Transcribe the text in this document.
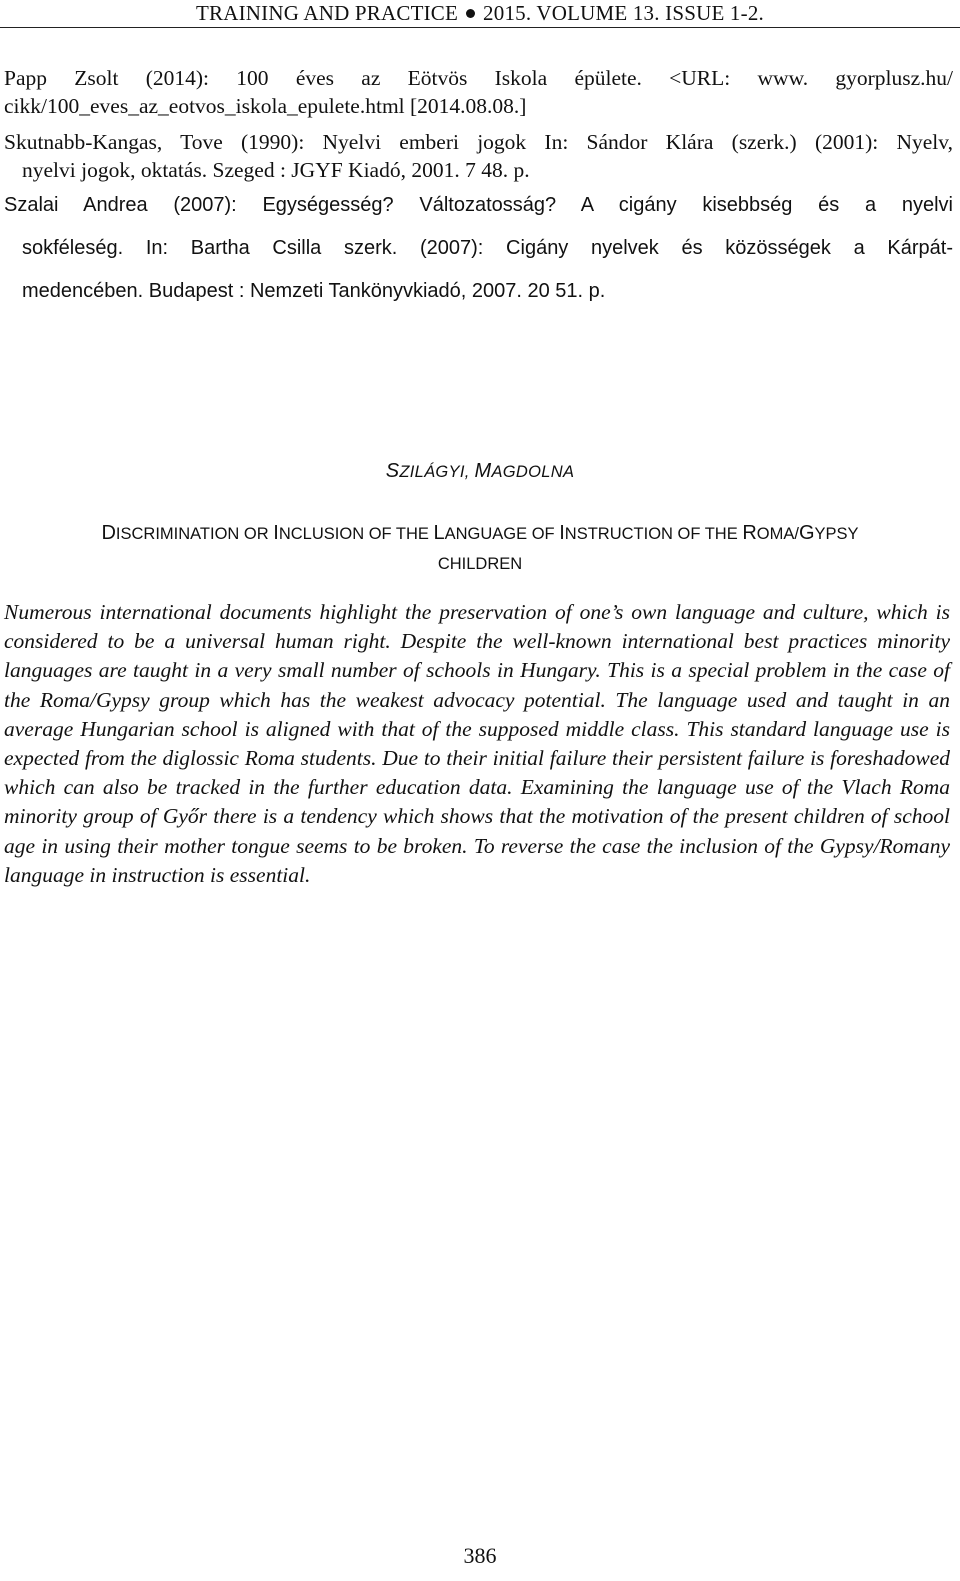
TRAINING AND PRACTICE 2015. VOLUME 13. ISSUE 1-2.

Papp Zsolt (2014): 100 éves az Eötvös Iskola épülete. <URL: www. gyorplusz.hu/
cikk/100_eves_az_eotvos_iskola_epulete.html [2014.08.08.]

Skutnabb-Kangas, Tove (1990): Nyelvi emberi jogok In: Sándor Klára (szerk.) (2001): Nyelv,
nyelvi jogok, oktatás. Szeged : JGYF Kiadó, 2001. 7 48. p.

Szalai Andrea (2007): Egységesség? Változatosság? A cigány kisebbség és a nyelvi
sokféleség. In: Bartha Csilla szerk. (2007): Cigány nyelvek és közösségek a Kárpát-
medencében. Budapest : Nemzeti Tankönyvkiadó, 2007. 20 51. p.

SZILÁGYI, MAGDOLNA
DISCRIMINATION OR INCLUSION OF THE LANGUAGE OF INSTRUCTION OF THE ROMA/GYPSY
CHILDREN

Numerous international documents highlight the preservation of one’s own language and culture, which is considered to be a universal human right. Despite the well-known international best practices minority languages are taught in a very small number of schools in Hungary. This is a special problem in the case of the Roma/Gypsy group which has the weakest advocacy potential. The language used and taught in an average Hungarian school is aligned with that of the supposed middle class. This standard language use is expected from the diglossic Roma students. Due to their initial failure their persistent failure is foreshadowed which can also be tracked in the further education data. Examining the language use of the Vlach Roma minority group of Győr there is a tendency which shows that the motivation of the present children of school age in using their mother tongue seems to be broken. To reverse the case the inclusion of the Gypsy/Romany language in instruction is essential.

386
